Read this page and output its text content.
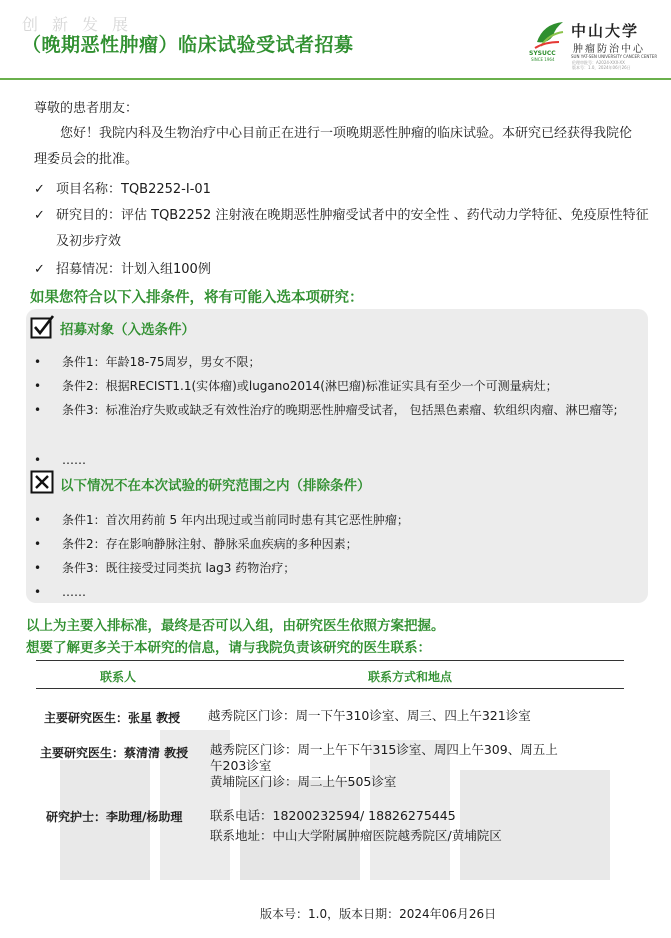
创新发展
（晚期恶性肿瘤）临床试验受试者招募	SYSUCC
SINCE 1964
中山大学
肿瘤防治中心
SUN YAT-SEN UNIVERSITY CANCER CENTER
伦理审批号：A2024-XXX-XX
版本号：1.0，2024年06月26日
尊敬的患者朋友：
您好！我院内科及生物治疗中心目前正在进行一项晚期恶性肿瘤的临床试验。本研究已经获得我院伦理委员会的批准。
✓ 项目名称：TQB2252-I-01
✓ 研究目的：评估 TQB2252 注射液在晚期恶性肿瘤受试者中的安全性 、药代动力学特征、免疫原性特征及初步疗效
✓ 招募情况：计划入组100例
如果您符合以下入排条件，将有可能入选本项研究：
招募对象（入选条件）
• 条件1：年龄18-75周岁，男女不限；
• 条件2：根据RECIST1.1(实体瘤)或lugano2014(淋巴瘤)标准证实具有至少一个可测量病灶；
• 条件3：标准治疗失败或缺乏有效性治疗的晚期恶性肿瘤受试者， 包括黑色素瘤、软组织肉瘤、淋巴瘤等;
• ……
以下情况不在本次试验的研究范围之内（排除条件）
• 条件1：首次用药前 5 年内出现过或当前同时患有其它恶性肿瘤；
• 条件2：存在影响静脉注射、静脉采血疾病的多种因素；
• 条件3：既往接受过同类抗 lag3 药物治疗；
• ……
以上为主要入排标准，最终是否可以入组，由研究医生依照方案把握。
想要了解更多关于本研究的信息，请与我院负责该研究的医生联系：
联系人	联系方式和地点
主要研究医生：张星 教授 越秀院区门诊：周一下午310诊室、周三、四上午321诊室
主要研究医生：蔡清清 教授 越秀院区门诊：周一上午下午315诊室、周四上午309、周五上
午203诊室
黄埔院区门诊：周二上午505诊室
研究护士：李助理/杨助理 联系电话：18200232594/ 18826275445
联系地址：中山大学附属肿瘤医院越秀院区/黄埔院区
版本号：1.0，版本日期：2024年06月26日
